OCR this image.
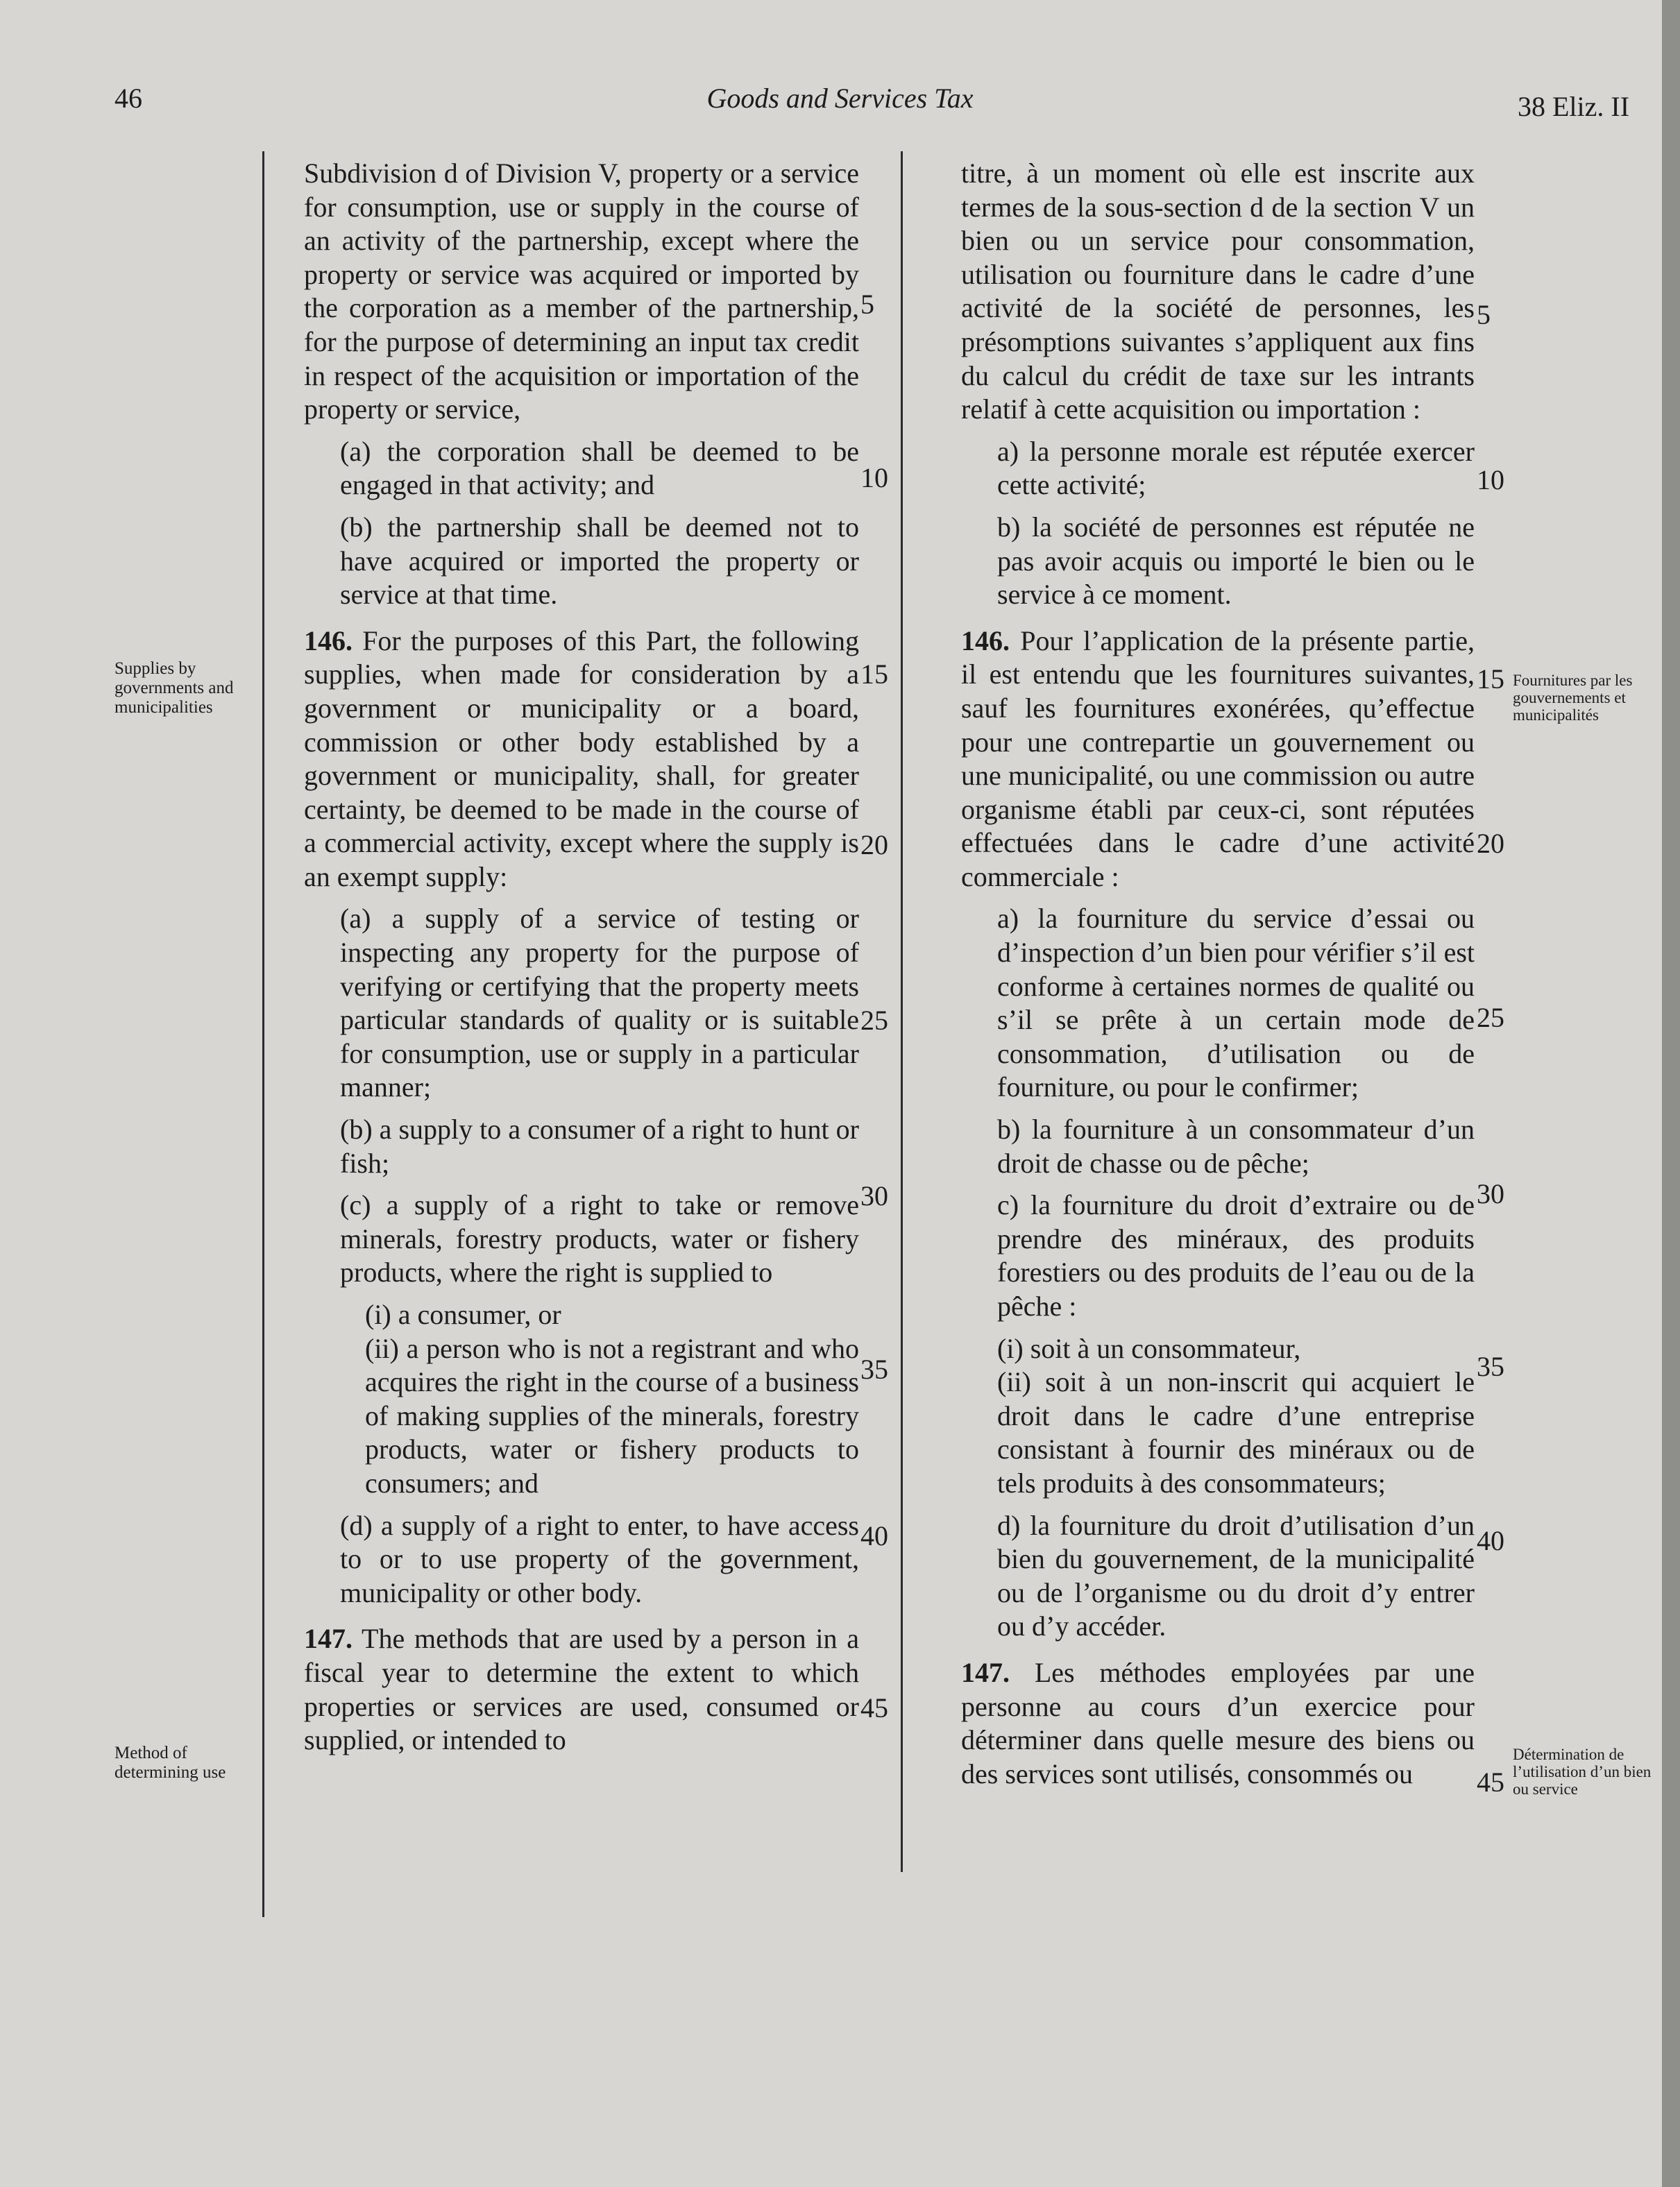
46	Goods and Services Tax	38 Eliz. II
Supplies by governments and municipalities
Method of determining use
Fournitures par les gouvernements et municipalités
Détermination de l’utilisation d’un bien ou service

Subdivision d of Division V, property or a service for consumption, use or supply in the course of an activity of the partnership, except where the property or service was acquired or imported by the corporation as a member of the partnership, for the purpose of determining an input tax credit in respect of the acquisition or importation of the property or service,

(a) the corporation shall be deemed to be engaged in that activity; and

(b) the partnership shall be deemed not to have acquired or imported the property or service at that time.

146. For the purposes of this Part, the following supplies, when made for consideration by a government or municipality or a board, commission or other body established by a government or municipality, shall, for greater certainty, be deemed to be made in the course of a commercial activity, except where the supply is an exempt supply:

(a) a supply of a service of testing or inspecting any property for the purpose of verifying or certifying that the property meets particular standards of quality or is suitable for consumption, use or supply in a particular manner;

(b) a supply to a consumer of a right to hunt or fish;

(c) a supply of a right to take or remove minerals, forestry products, water or fishery products, where the right is supplied to

(i) a consumer, or

(ii) a person who is not a registrant and who acquires the right in the course of a business of making supplies of the minerals, forestry products, water or fishery products to consumers; and

(d) a supply of a right to enter, to have access to or to use property of the government, municipality or other body.

147. The methods that are used by a person in a fiscal year to determine the extent to which properties or services are used, consumed or supplied, or intended to

titre, à un moment où elle est inscrite aux termes de la sous-section d de la section V un bien ou un service pour consommation, utilisation ou fourniture dans le cadre d’une activité de la société de personnes, les présomptions suivantes s’appliquent aux fins du calcul du crédit de taxe sur les intrants relatif à cette acquisition ou importation :

a) la personne morale est réputée exercer cette activité;

b) la société de personnes est réputée ne pas avoir acquis ou importé le bien ou le service à ce moment.

146. Pour l’application de la présente partie, il est entendu que les fournitures suivantes, sauf les fournitures exonérées, qu’effectue pour une contrepartie un gouvernement ou une municipalité, ou une commission ou autre organisme établi par ceux-ci, sont réputées effectuées dans le cadre d’une activité commerciale :

a) la fourniture du service d’essai ou d’inspection d’un bien pour vérifier s’il est conforme à certaines normes de qualité ou s’il se prête à un certain mode de consommation, d’utilisation ou de fourniture, ou pour le confirmer;

b) la fourniture à un consommateur d’un droit de chasse ou de pêche;

c) la fourniture du droit d’extraire ou de prendre des minéraux, des produits forestiers ou des produits de l’eau ou de la pêche :

(i) soit à un consommateur,

(ii) soit à un non-inscrit qui acquiert le droit dans le cadre d’une entreprise consistant à fournir des minéraux ou de tels produits à des consommateurs;

d) la fourniture du droit d’utilisation d’un bien du gouvernement, de la municipalité ou de l’organisme ou du droit d’y entrer ou d’y accéder.

147. Les méthodes employées par une personne au cours d’un exercice pour déterminer dans quelle mesure des biens ou des services sont utilisés, consommés ou

5
10
15
20
25
30
35
40
45
5
10
15
20
25
30
35
40
45
